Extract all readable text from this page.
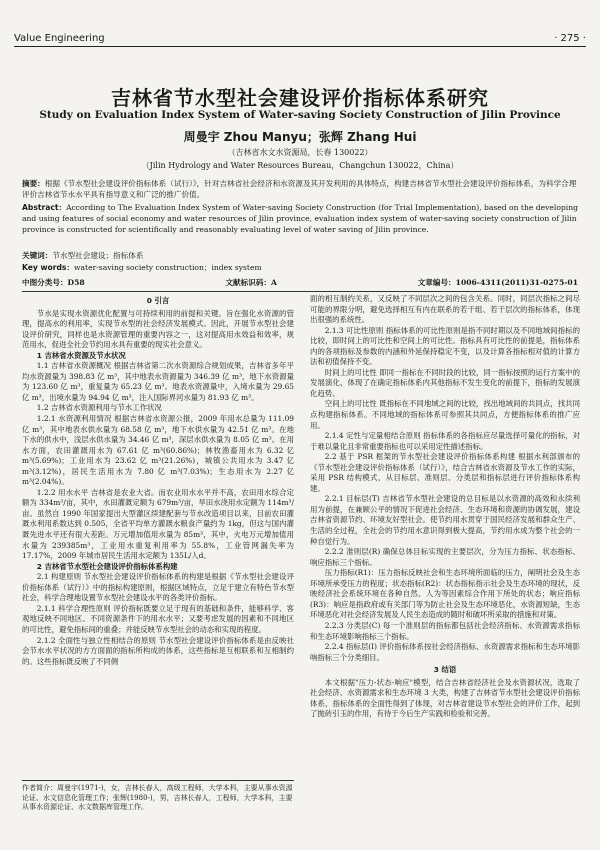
Value Engineering	· 275 ·
吉林省节水型社会建设评价指标体系研究
Study on Evaluation Index System of Water-saving Society Construction of Jilin Province
周曼宇 Zhou Manyu；张辉 Zhang Hui
（吉林省水文水资源局，长春 130022）
（Jilin Hydrology and Water Resources Bureau，Changchun 130022，China）
摘要：根据《节水型社会建设评价指标体系（试行）》，针对吉林省社会经济和水资源及其开发利用的具体特点，构建吉林省节水型社会建设评价指标体系，为科学合理评价吉林省节水水平具有指导意义和广泛的推广价值。
Abstract：According to The Evaluation Index System of Water-saving Society Construction (for Trial Implementation), based on the developing and using features of social economy and water resources of Jilin province, evaluation index system of water-saving society construction of Jilin province is constructed for scientifically and reasonably evaluating level of water saving of Jilin province.
关键词：节水型社会建设；指标体系
Key words：water-saving society construction；index system
中图分类号：D58	文献标识码：A	文章编号：1006-4311(2011)31-0275-01
0 引言

节水是实现水资源优化配置与可持续利用的前提和关键。旨在强化水资源的管理，提高水的利用率，实现节水型的社会经济发展模式。因此，开展节水型社会建设评价研究，同样也是水资源管理的重要内容之一，这对提高用水效益和效率，规范用水，促进全社会节约用水具有重要的现实社会意义。

1 吉林省水资源及节水状况

1.1 吉林省水资源概况 根据吉林省第二次水资源综合规划成果，吉林省多年平均水资源量为 398.83 亿 m³，其中地表水资源量为 346.39 亿 m³，地下水资源量为 123.60 亿 m³，重复量为 65.23 亿 m³。地表水资源量中，入境水量为 29.65 亿 m³，出境水量为 94.94 亿 m³，注入国际界河水量为 81.93 亿 m³。

1.2 吉林省水资源利用与节水工作状况

1.2.1 水资源利用情况 根据吉林省水资源公报，2009 年用水总量为 111.09 亿 m³，其中地表水供水量为 68.58 亿 m³，地下水供水量为 42.51 亿 m³。在地下水的供水中，浅层水供水量为 34.46 亿 m³，深层水供水量为 8.05 亿 m³。在用水方面，农田灌溉用水为 67.61 亿 m³(60.86%)；林牧渔畜用水为 6.32 亿 m³(5.69%)；工业用水为 23.62 亿 m³(21.26%)，城镇公共用水为 3.47 亿 m³(3.12%)，居民生活用水为 7.80 亿 m³(7.03%)；生态用水为 2.27 亿 m³(2.04%)。

1.2.2 用水水平 吉林省是农业大省。而农业用水水平并不高，农田用水综合定额为 334m³/亩，其中，水田灌溉定额为 679m³/亩，旱田水浇用水定额为 114m³/亩。虽然自 1990 年国家提出大型灌区续建配套与节水改造项目以来，目前农田灌溉水利用系数达到 0.505，全省平均单方灌溉水粮食产量约为 1kg，但这与国内灌溉先进水平还有很大差距。万元增加值用水量为 85m³，其中，火电万元增加值用水量为 239385m³，工业用水重复利用率为 55.8%，工业管网漏失率为 17.17%，2009 年城市居民生活用水定额为 135L/人d。

2 吉林省节水型社会建设评价指标体系构建

2.1 构建原则 节水型社会建设评价指标体系的构建是根据《节水型社会建设评价指标体系（试行）》中的指标构建原则，根据区域特点，立足于建立有特色节水型社会，科学合理地设置节水型社会建设水平的各类评价指标。

2.1.1 科学合理性原则 评价指标既要立足于现有的基础和条件，能够科学、客观地反映不同地区、不同资源条件下的用水水平；又要考虑发展的因素和不同地区的可比性，避免指标间的重叠；并能反映节水型社会的动态和实现的程度。

2.1.2 全面性与独立性相结合的原则 节水型社会建设评价指标体系是由反映社会节水水平状况的方方面面的指标所构成的体系，这些指标是互相联系和互相制约的。这些指标既反映了不同侧

作者简介：周曼宇(1971-)，女，吉林长春人，高级工程师，大学本科，主要从事水资源论证、水文信息化管理工作；张辉(1980-)，男，吉林长春人，工程师，大学本科，主要从事水资源论证、水文数据库管理工作。

面的相互制约关系，又反映了不同层次之间的包含关系。同时，同层次指标之间尽可能的界限分明，避免选择相互有内在联系的若干组、若干层次的指标体系，体现出很强的系统性。

2.1.3 可比性原则 指标体系的可比性原则是指不同时期以及不同地域间指标的比较，即时间上的可比性和空间上的可比性。指标具有可比性的前提是，指标体系内的各项指标及参数的内涵和外延保持稳定不变，以及计算各指标相对值的计算方法和初值保持不变。

时间上的可比性 即同一指标在不同时段的比较，同一指标按照的运行方案中的发展演化，体现了在确定指标体系内其他指标不发生变化的前提下，指标的发展演化趋势。

空间上的可比性 既指标在不同地域之间的比较，找出地域间的共同点，找共同点构建指标体系。不同地域的指标体系可参照其共同点，方便指标体系的推广应用。

2.1.4 定性与定量相结合原则 指标体系的各指标应尽量选择可量化的指标，对于难以量化且非常重要指标也可以采用定性描述指标。

2.2 基于 PSR 框架的节水型社会建设评价指标体系构建 根据水利部颁布的《节水型社会建设评价指标体系（试行）》，结合吉林省水资源及节水工作的实际，采用 PSR 结构模式，从目标层、准则层、分类层和指标层进行评价指标体系构建。

2.2.1 目标层(T) 吉林省节水型社会建设的总目标是以水资源的高效和永续利用为前提，在兼顾公平的情况下促进社会经济、生态环境和资源的协调发展，建设吉林省资源节约、环境友好型社会。使节约用水贯穿于国民经济发展和群众生产、生活的全过程，全社会的节约用水意识得到极大提高，节约用水成为整个社会的一种自觉行为。

2.2.2 准则层(R) 确保总体目标实现的主要层次，分为压力指标、状态指标、响应指标三个指标。

压力指标(R1)：压力指标反映社会和生态环境所面临的压力，阐明社会及生态环境所承受压力的程度；状态指标(R2)：状态指标指示社会及生态环境的现状，反映经济社会系统环境在各种自然、人为等因素综合作用下所处的状态；响应指标(R3)：响应是指政府或有关部门等为防止社会及生态环境恶化，水资源短缺，生态环境恶化对社会经济发展及人民生态造成的随时和破坏所采取的措施和对策。

2.2.3 分类层(C) 每一个准则层的指标都包括社会经济指标、水资源需求指标和生态环境影响指标三个指标。

2.2.4 指标层(I) 评价指标体系按社会经济指标、水资源需求指标和生态环境影响指标三个分类细目。

3 结语

本文根据"压力-状态-响应"模型，结合吉林省经济社会及水资源状况，选取了社会经济、水资源需求和生态环境 3 大类，构建了吉林省节水型社会建设评价指标体系，指标体系的全面性得到了体现，对吉林省建设节水型社会的评价工作，起到了抛砖引玉的作用，有待于今后生产实践和检验和完善。
